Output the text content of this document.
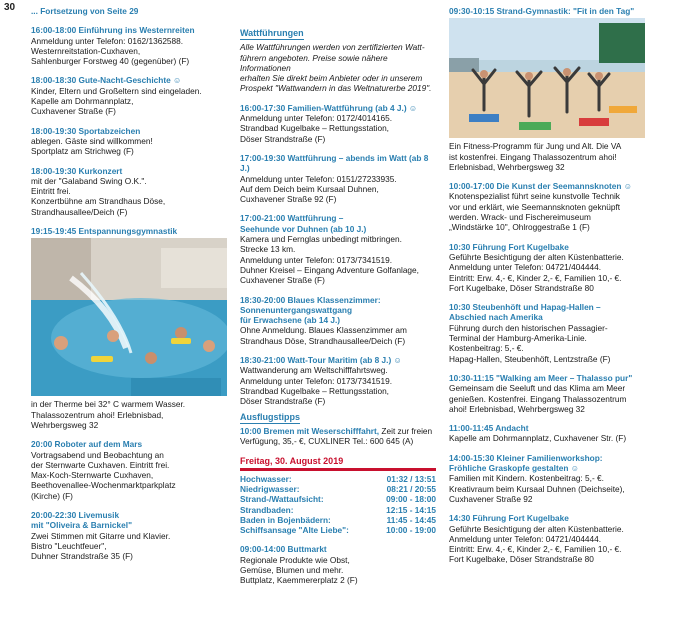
30 ... Fortsetzung von Seite 29
16:00-18:00 Einführung ins Westernreiten
Anmeldung unter Telefon: 0162/1362588.
Westernreitstation-Cuxhaven,
Sahlenburger Forstweg 40 (gegenüber) (F)
18:00-18:30 Gute-Nacht-Geschichte ☺
Kinder, Eltern und Großeltern sind eingeladen.
Kapelle am Dohrmannplatz,
Cuxhavener Straße (F)
18:00-19:30 Sportabzeichen
ablegen. Gäste sind willkommen!
Sportplatz am Strichweg (F)
18:00-19:30 Kurkonzert
mit der "Galaband Swing O.K.".
Eintritt frei.
Konzertbühne am Strandhaus Döse,
Strandhausallee/Deich (F)
19:15-19:45 Entspannungsgymnastik
in der Therme bei 32° C warmem Wasser.
Thalassozentrum ahoi! Erlebnisbad,
Wehrbergsweg 32
20:00 Roboter auf dem Mars
Vortragsabend und Beobachtung an
der Sternwarte Cuxhaven. Eintritt frei.
Max-Koch-Sternwarte Cuxhaven,
Beethovenallee-Wochenmarktparkplatz
(Kirche) (F)
20:00-22:30 Livemusik
mit "Oliveira & Barnickel"
Zwei Stimmen mit Gitarre und Klavier.
Bistro "Leuchtfeuer",
Duhner Strandstraße 35 (F)
Wattführungen
Alle Wattführungen werden von zertifizierten Watt-
führern angeboten. Preise sowie nähere Informationen
erhalten Sie direkt beim Anbieter oder in unserem
Prospekt "Wattwandern in das Weltnaturerbe 2019".
16:00-17:30 Familien-Wattführung (ab 4 J.) ☺
Anmeldung unter Telefon: 0172/4014165.
Strandbad Kugelbake – Rettungsstation,
Döser Strandstraße (F)
17:00-19:30 Wattführung – abends im Watt (ab 8 J.)
Anmeldung unter Telefon: 0151/27233935.
Auf dem Deich beim Kursaal Duhnen,
Cuxhavener Straße 92 (F)
17:00-21:00 Wattführung –
Seehunde vor Duhnen (ab 10 J.)
Kamera und Fernglas unbedingt mitbringen.
Strecke 13 km.
Anmeldung unter Telefon: 0173/7341519.
Duhner Kreisel – Eingang Adventure Golfanlage,
Cuxhavener Straße (F)
18:30-20:00 Blaues Klassenzimmer:
Sonnenuntergangswattgang
für Erwachsene (ab 14 J.)
Ohne Anmeldung. Blaues Klassenzimmer am
Strandhaus Döse, Strandhausallee/Deich (F)
18:30-21:00 Watt-Tour Maritim (ab 8 J.) ☺
Wattwanderung am Weltschifffahrtsweg.
Anmeldung unter Telefon: 0173/7341519.
Strandbad Kugelbake – Rettungsstation,
Döser Strandstraße (F)
Ausflugstipps
10:00 Bremen mit Weserschifffahrt, Zeit zur freien
Verfügung, 35,- €, CUXLINER Tel.: 600 645 (A)
Freitag, 30. August 2019
Hochwasser:	01:32 / 13:51
Niedrigwasser:	08:21 / 20:55
Strand-/Wattaufsicht:	09:00 - 18:00
Strandbaden:	12:15 - 14:15
Baden in Bojenbädern:	11:45 - 14:45
Schiffsansage "Alte Liebe":	10:00 - 19:00
09:00-14:00 Buttmarkt
Regionale Produkte wie Obst,
Gemüse, Blumen und mehr.
Buttplatz, Kaemmererplatz 2 (F)
09:30-10:15 Strand-Gymnastik: "Fit in den Tag"
Ein Fitness-Programm für Jung und Alt. Die VA
ist kostenfrei. Eingang Thalassozentrum ahoi!
Erlebnisbad, Wehrbergsweg 32
10:00-17:00 Die Kunst der Seemannsknoten ☺
Knotenspezialist führt seine kunstvolle Technik
vor und erklärt, wie Seemannsknoten geknüpft
werden. Wrack- und Fischereimuseum
„Windstärke 10", Ohlroggestraße 1 (F)
10:30 Führung Fort Kugelbake
Geführte Besichtigung der alten Küstenbatterie.
Anmeldung unter Telefon: 04721/404444.
Eintritt: Erw. 4,- €, Kinder 2,- €, Familien 10,- €.
Fort Kugelbake, Döser Strandstraße 80
10:30 Steubenhöft und Hapag-Hallen –
Abschied nach Amerika
Führung durch den historischen Passagier-
Terminal der Hamburg-Amerika-Linie.
Kostenbeitrag: 5,- €.
Hapag-Hallen, Steubenhöft, Lentzstraße (F)
10:30-11:15 "Walking am Meer – Thalasso pur"
Gemeinsam die Seeluft und das Klima am Meer
genießen. Kostenfrei. Eingang Thalassozentrum
ahoi! Erlebnisbad, Wehrbergsweg 32
11:00-11:45 Andacht
Kapelle am Dohrmannplatz, Cuxhavener Str. (F)
14:00-15:30 Kleiner Familienworkshop:
Fröhliche Graskopfe gestalten ☺
Familien mit Kindern. Kostenbeitrag: 5,- €.
Kreativraum beim Kursaal Duhnen (Deichseite),
Cuxhavener Straße 92
14:30 Führung Fort Kugelbake
Geführte Besichtigung der alten Küstenbatterie.
Anmeldung unter Telefon: 04721/404444.
Eintritt: Erw. 4,- €, Kinder 2,- €, Familien 10,- €.
Fort Kugelbake, Döser Strandstraße 80
